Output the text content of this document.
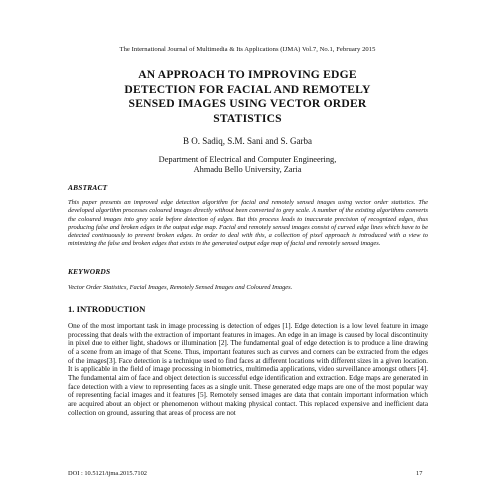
The International Journal of Multimedia & Its Applications (IJMA) Vol.7, No.1, February 2015
AN APPROACH TO IMPROVING EDGE
DETECTION FOR FACIAL AND REMOTELY
SENSED IMAGES USING VECTOR ORDER
STATISTICS
B O. Sadiq, S.M. Sani and S. Garba
Department of Electrical and Computer Engineering,
Ahmadu Bello University, Zaria
ABSTRACT
This paper presents an improved edge detection algorithm for facial and remotely sensed images using vector order statistics. The developed algorithm processes coloured images directly without been converted to grey scale. A number of the existing algorithms converts the coloured images into grey scale before detection of edges. But this process leads to inaccurate precision of recognized edges, thus producing false and broken edges in the output edge map. Facial and remotely sensed images consist of curved edge lines which have to be detected continuously to prevent broken edges. In order to deal with this, a collection of pixel approach is introduced with a view to minimizing the false and broken edges that exists in the generated output edge map of facial and remotely sensed images.
KEYWORDS
Vector Order Statistics, Facial Images, Remotely Sensed Images and Coloured Images.
1. INTRODUCTION
One of the most important task in image processing is detection of edges [1]. Edge detection is a low level feature in image processing that deals with the extraction of important features in images. An edge in an image is caused by local discontinuity in pixel due to either light, shadows or illumination [2]. The fundamental goal of edge detection is to produce a line drawing of a scene from an image of that Scene. Thus, important features such as curves and corners can be extracted from the edges of the images[3]. Face detection is a technique used to find faces at different locations with different sizes in a given location. It is applicable in the field of image processing in biometrics, multimedia applications, video surveillance amongst others [4]. The fundamental aim of face and object detection is successful edge identification and extraction. Edge maps are generated in face detection with a view to representing faces as a single unit. These generated edge maps are one of the most popular way of representing facial images and it features [5]. Remotely sensed images are data that contain important information which are acquired about an object or phenomenon without making physical contact. This replaced expensive and inefficient data collection on ground, assuring that areas of process are not
DOI : 10.5121/ijma.2015.7102	17
